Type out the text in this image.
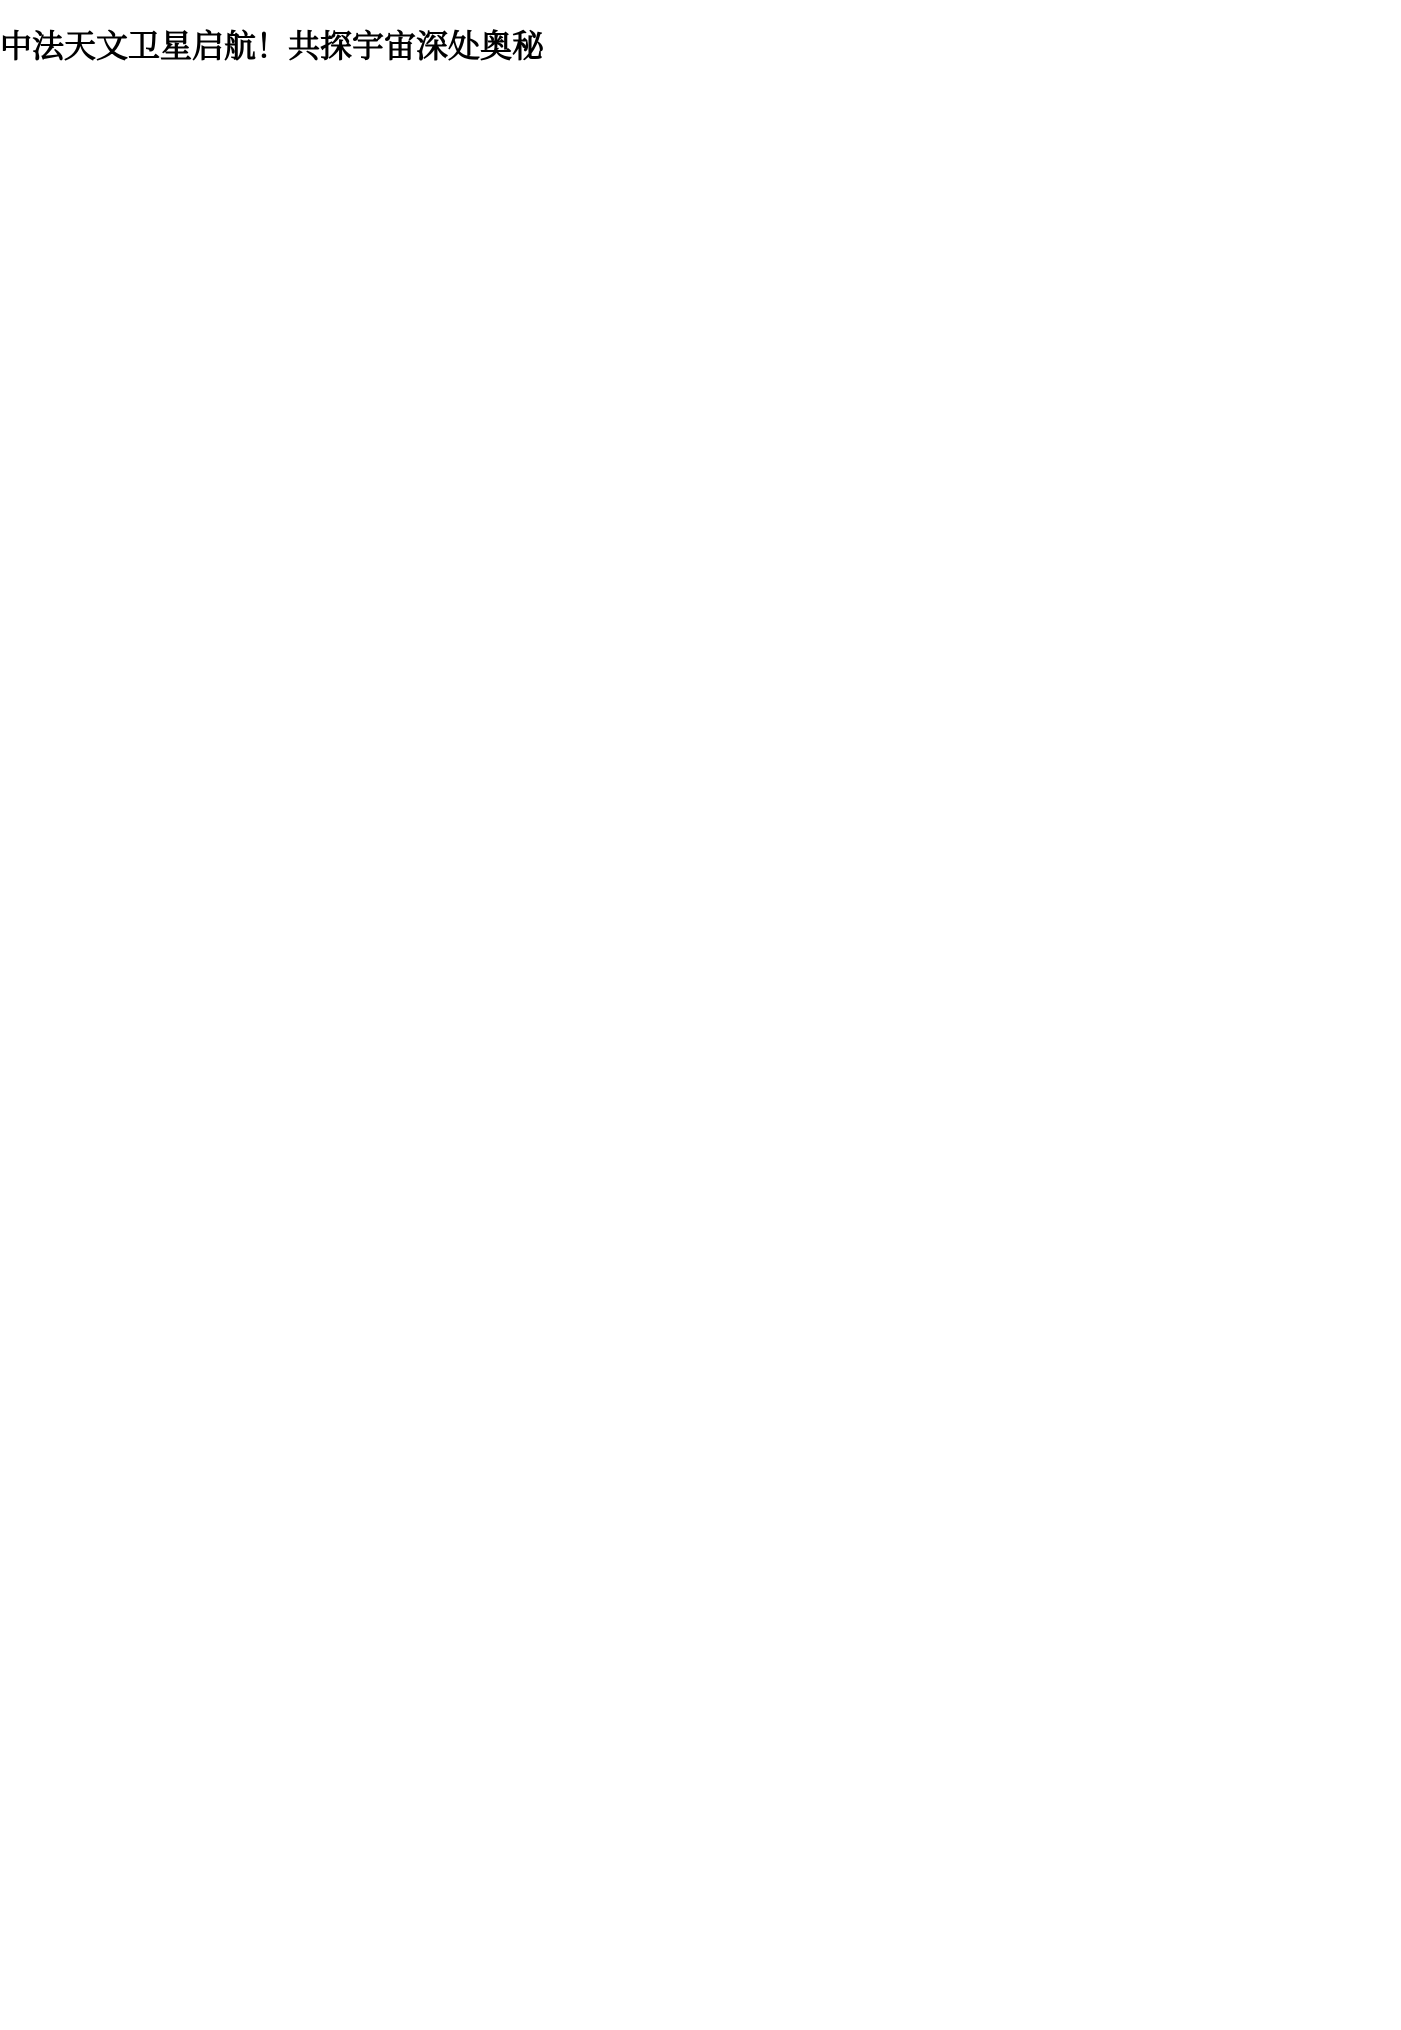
中法天文卫星启航！共探宇宙深处奥秘
